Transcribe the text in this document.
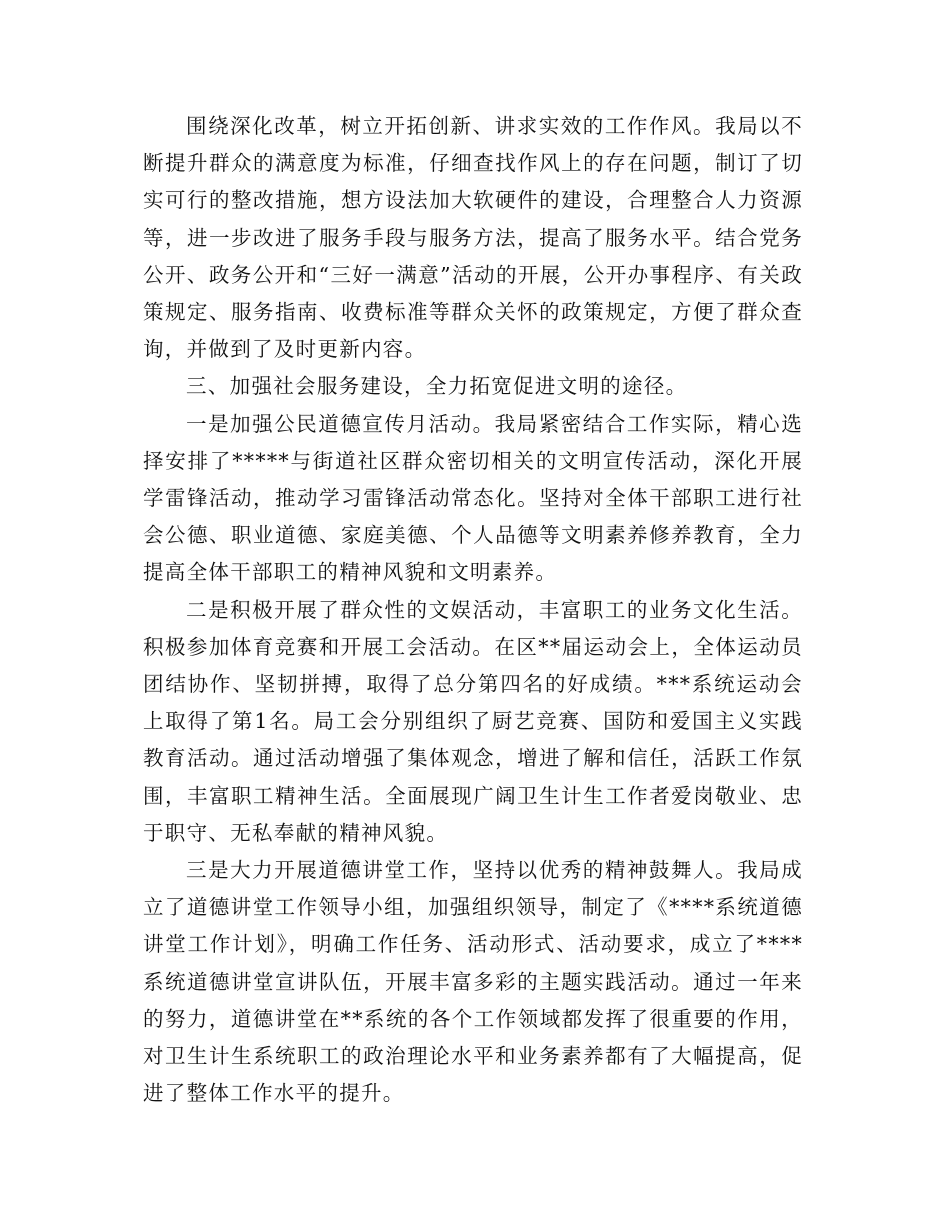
围绕深化改革，树立开拓创新、讲求实效的工作作风。我局以不断提升群众的满意度为标准，仔细查找作风上的存在问题，制订了切实可行的整改措施，想方设法加大软硬件的建设，合理整合人力资源等，进一步改进了服务手段与服务方法，提高了服务水平。结合党务公开、政务公开和“三好一满意”活动的开展，公开办事程序、有关政策规定、服务指南、收费标准等群众关怀的政策规定，方便了群众查询，并做到了及时更新内容。

三、加强社会服务建设，全力拓宽促进文明的途径。

一是加强公民道德宣传月活动。我局紧密结合工作实际，精心选择安排了*****与街道社区群众密切相关的文明宣传活动，深化开展学雷锋活动，推动学习雷锋活动常态化。坚持对全体干部职工进行社会公德、职业道德、家庭美德、个人品德等文明素养修养教育，全力提高全体干部职工的精神风貌和文明素养。

二是积极开展了群众性的文娱活动，丰富职工的业务文化生活。积极参加体育竞赛和开展工会活动。在区**届运动会上，全体运动员团结协作、坚韧拼搏，取得了总分第四名的好成绩。***系统运动会上取得了第1名。局工会分别组织了厨艺竞赛、国防和爱国主义实践教育活动。通过活动增强了集体观念，增进了解和信任，活跃工作氛围，丰富职工精神生活。全面展现广阔卫生计生工作者爱岗敬业、忠于职守、无私奉献的精神风貌。

三是大力开展道德讲堂工作，坚持以优秀的精神鼓舞人。我局成立了道德讲堂工作领导小组，加强组织领导，制定了《****系统道德讲堂工作计划》，明确工作任务、活动形式、活动要求，成立了****系统道德讲堂宣讲队伍，开展丰富多彩的主题实践活动。通过一年来的努力，道德讲堂在**系统的各个工作领域都发挥了很重要的作用，对卫生计生系统职工的政治理论水平和业务素养都有了大幅提高，促进了整体工作水平的提升。
